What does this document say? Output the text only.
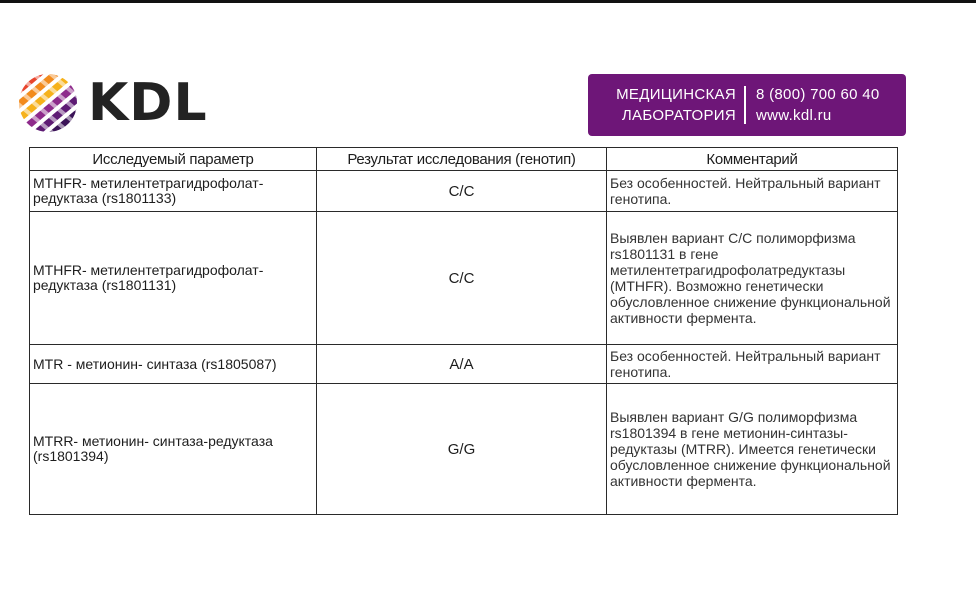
KDL	МЕДИЦИНСКАЯ
ЛАБОРАТОРИЯ
8 (800) 700 60 40
www.kdl.ru
Исследуемый параметр	Результат исследования (генотип)	Комментарий
MTHFR- метилентетрагидрофолат-редуктаза (rs1801133)	C/C	Без особенностей. Нейтральный вариант генотипа.
MTHFR- метилентетрагидрофолат-редуктаза (rs1801131)	C/C	Выявлен вариант C/C полиморфизма rs1801131 в гене метилентетрагидрофолатредуктазы (MTHFR). Возможно генетически обусловленное снижение функциональной активности фермента.
MTR - метионин- синтаза (rs1805087)	A/A	Без особенностей. Нейтральный вариант генотипа.
MTRR- метионин- синтаза-редуктаза (rs1801394)	G/G	Выявлен вариант G/G полиморфизма rs1801394 в гене метионин-синтазы-редуктазы (MTRR). Имеется генетически обусловленное снижение функциональной активности фермента.
